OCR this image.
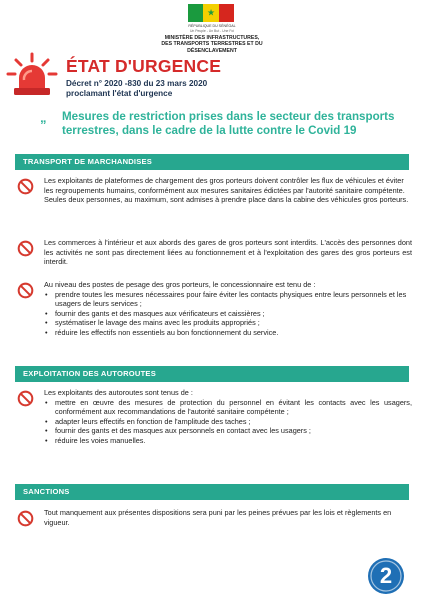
★
RÉPUBLIQUE DU SÉNÉGAL
Un Peuple - Un But - Une Foi
MINISTÈRE DES INFRASTRUCTURES,
DES TRANSPORTS TERRESTRES ET DU
DÉSENCLAVEMENT
ÉTAT D'URGENCE
Décret n° 2020 -830 du 23 mars 2020
proclamant l'état d'urgence
„ Mesures de restriction prises dans le secteur des transports terrestres, dans le cadre de la lutte contre le Covid 19
TRANSPORT DE MARCHANDISES

Les exploitants de plateformes de chargement des gros porteurs doivent contrôler les flux de véhicules et éviter les regroupements humains, conformément aux mesures sanitaires édictées par l'autorité sanitaire compétente.

Seules deux personnes, au maximum, sont admises à prendre place dans la cabine des véhicules gros porteurs.

Les commerces à l'intérieur et aux abords des gares de gros porteurs sont interdits. L'accès des personnes dont les activités ne sont pas directement liées au fonctionnement et à l'exploitation des gares des gros porteurs est interdit.

Au niveau des postes de pesage des gros porteurs, le concessionnaire est tenu de :

• prendre toutes les mesures nécessaires pour faire éviter les contacts physiques entre leurs personnels et les usagers de leurs services ;
• fournir des gants et des masques aux vérificateurs et caissières ;
• systématiser le lavage des mains avec les produits appropriés ;
• réduire les effectifs non essentiels au bon fonctionnement du service.
EXPLOITATION DES AUTOROUTES

Les exploitants des autoroutes sont tenus de :

• mettre en œuvre des mesures de protection du personnel en évitant les contacts avec les usagers, conformément aux recommandations de l'autorité sanitaire compétente ;
• adapter leurs effectifs en fonction de l'amplitude des taches ;
• fournir des gants et des masques aux personnels en contact avec les usagers ;
• réduire les voies manuelles.
SANCTIONS

Tout manquement aux présentes dispositions sera puni par les peines prévues par les lois et règlements en vigueur.

2
